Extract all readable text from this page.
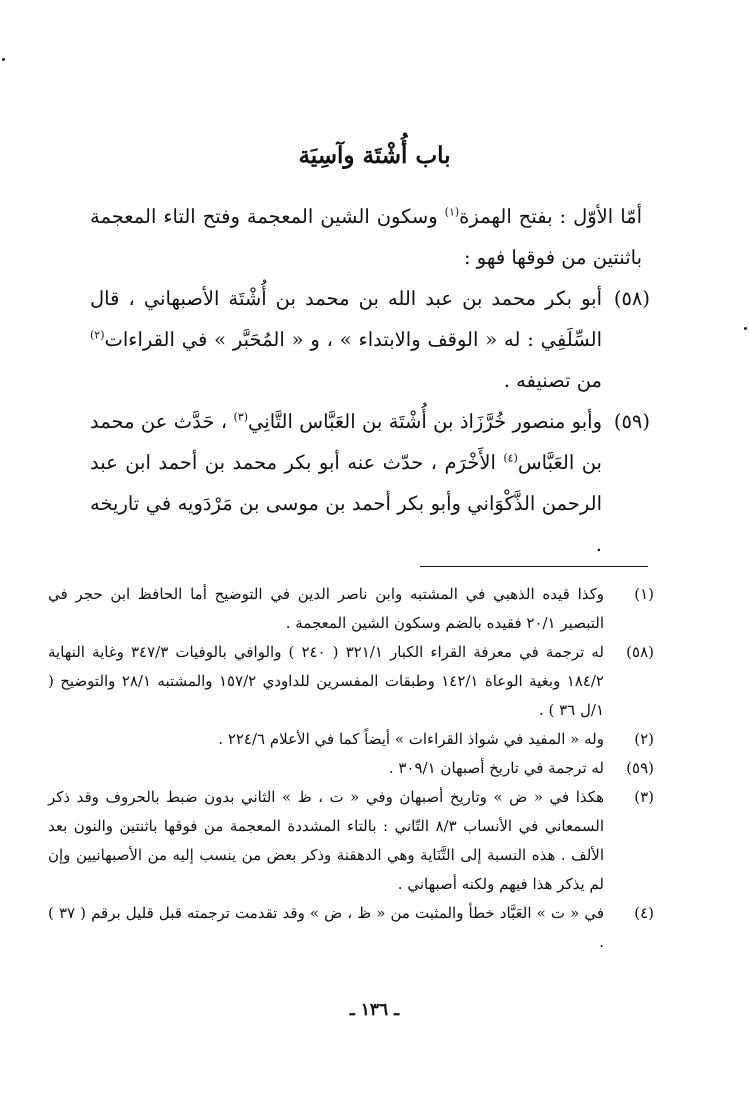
باب أُشْتَة وآسِيَة

أمّا الأوّل : بفتح الهمزة$^{(١)}$ وسكون الشين المعجمة وفتح التاء المعجمة باثنتين من فوقها فهو :

(٥٨)
أبو بكر محمد بن عبد الله بن محمد بن أُشْتَة الأصبهاني ، قال السِّلَفِي : له « الوقف والابتداء » ، و « المُحَبَّر » في القراءات$^{(٢)}$ من تصنيفه .
(٥٩)
وأبو منصور خُرَّزَاذ بن أُشْتَة بن العَبَّاس التَّانِي$^{(٣)}$ ، حَدَّث عن محمد بن العَبَّاس$^{(٤)}$ الأَخْرَم ، حدّث عنه أبو بكر محمد بن أحمد ابن عبد الرحمن الذَّكْوَاني وأبو بكر أحمد بن موسى بن مَرْدَويه في تاريخه .
(١)
وكذا قيده الذهبي في المشتبه وابن ناصر الدين في التوضيح أما الحافظ ابن حجر في التبصير ٢٠/١ فقيده بالضم وسكون الشين المعجمة .
(٥٨)
له ترجمة في معرفة القراء الكبار ٣٢١/١ ( ٢٤٠ ) والوافي بالوفيات ٣٤٧/٣ وغاية النهاية ١٨٤/٢ وبغية الوعاة ١٤٢/١ وطبقات المفسرين للداودي ١٥٧/٢ والمشتبه ٢٨/١ والتوضيح ( ١/ل ٣٦ ) .
(٢)
وله « المفيد في شواذ القراءات » أيضاً كما في الأعلام ٢٢٤/٦ .
(٥٩)
له ترجمة في تاريخ أصبهان ٣٠٩/١ .
(٣)
هكذا في « ض » وتاريخ أصبهان وفي « ت ، ظ » الثاني بدون ضبط بالحروف وقد ذكر السمعاني في الأنساب ٨/٣ التّاني : بالتاء المشددة المعجمة من فوقها باثنتين والنون بعد الألف . هذه النسبة إلى التَّنَاية وهي الدهقنة وذكر بعض من ينسب إليه من الأصبهانيين وإن لم يذكر هذا فيهم ولكنه أصبهاني .
(٤)
في « ت » العَبَّاد خطأ والمثبت من « ظ ، ض » وقد تقدمت ترجمته قبل قليل برقم ( ٣٧ ) .
ـ ١٣٦ ـ
